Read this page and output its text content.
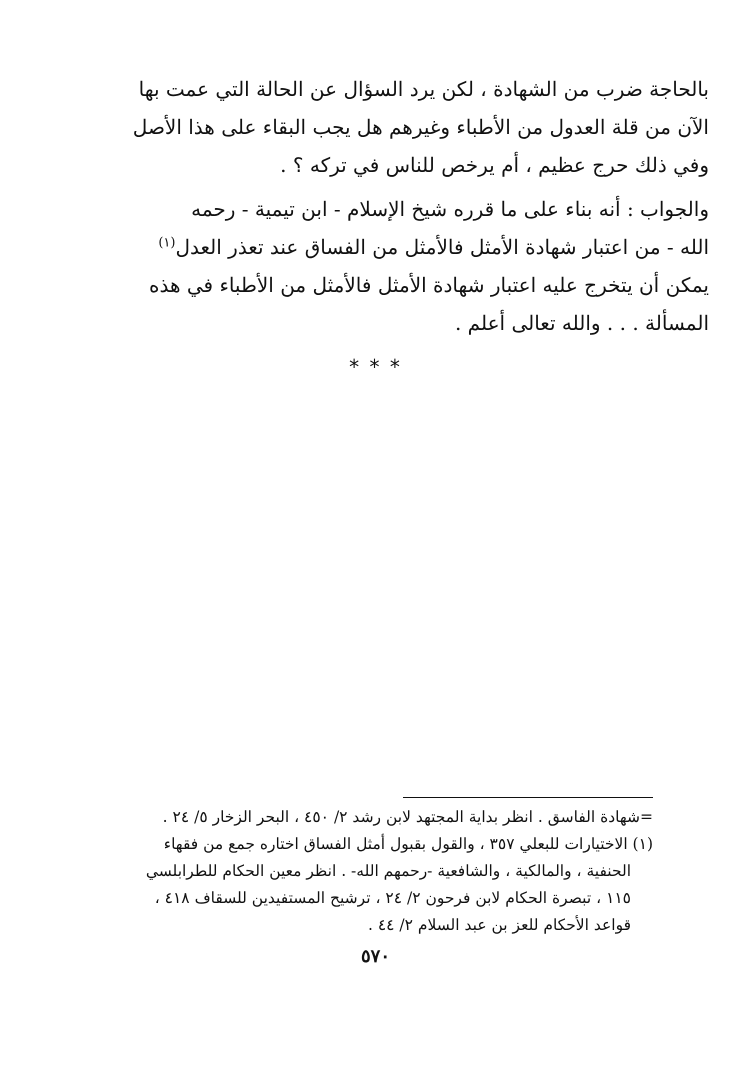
بالحاجة ضرب من الشهادة ، لكن يرد السؤال عن الحالة التي عمت بها
الآن من قلة العدول من الأطباء وغيرهم هل يجب البقاء على هذا الأصل
وفي ذلك حرج عظيم ، أم يرخص للناس في تركه ؟ .
والجواب : أنه بناء على ما قرره شيخ الإسلام - ابن تيمية - رحمه
الله - من اعتبار شهادة الأمثل فالأمثل من الفساق عند تعذر العدل$^{(١)}$
يمكن أن يتخرج عليه اعتبار شهادة الأمثل فالأمثل من الأطباء في هذه
المسألة . . . والله تعالى أعلم .
* * *
=شهادة الفاسق . انظر بداية المجتهد لابن رشد ٢/ ٤٥٠ ، البحر الزخار ٥/ ٢٤ .
(١) الاختيارات للبعلي ٣٥٧ ، والقول بقبول أمثل الفساق اختاره جمع من فقهاء
الحنفية ، والمالكية ، والشافعية -رحمهم الله- . انظر معين الحكام للطرابلسي
١١٥ ، تبصرة الحكام لابن فرحون ٢/ ٢٤ ، ترشيح المستفيدين للسقاف ٤١٨ ،
قواعد الأحكام للعز بن عبد السلام ٢/ ٤٤ .
٥٧٠
